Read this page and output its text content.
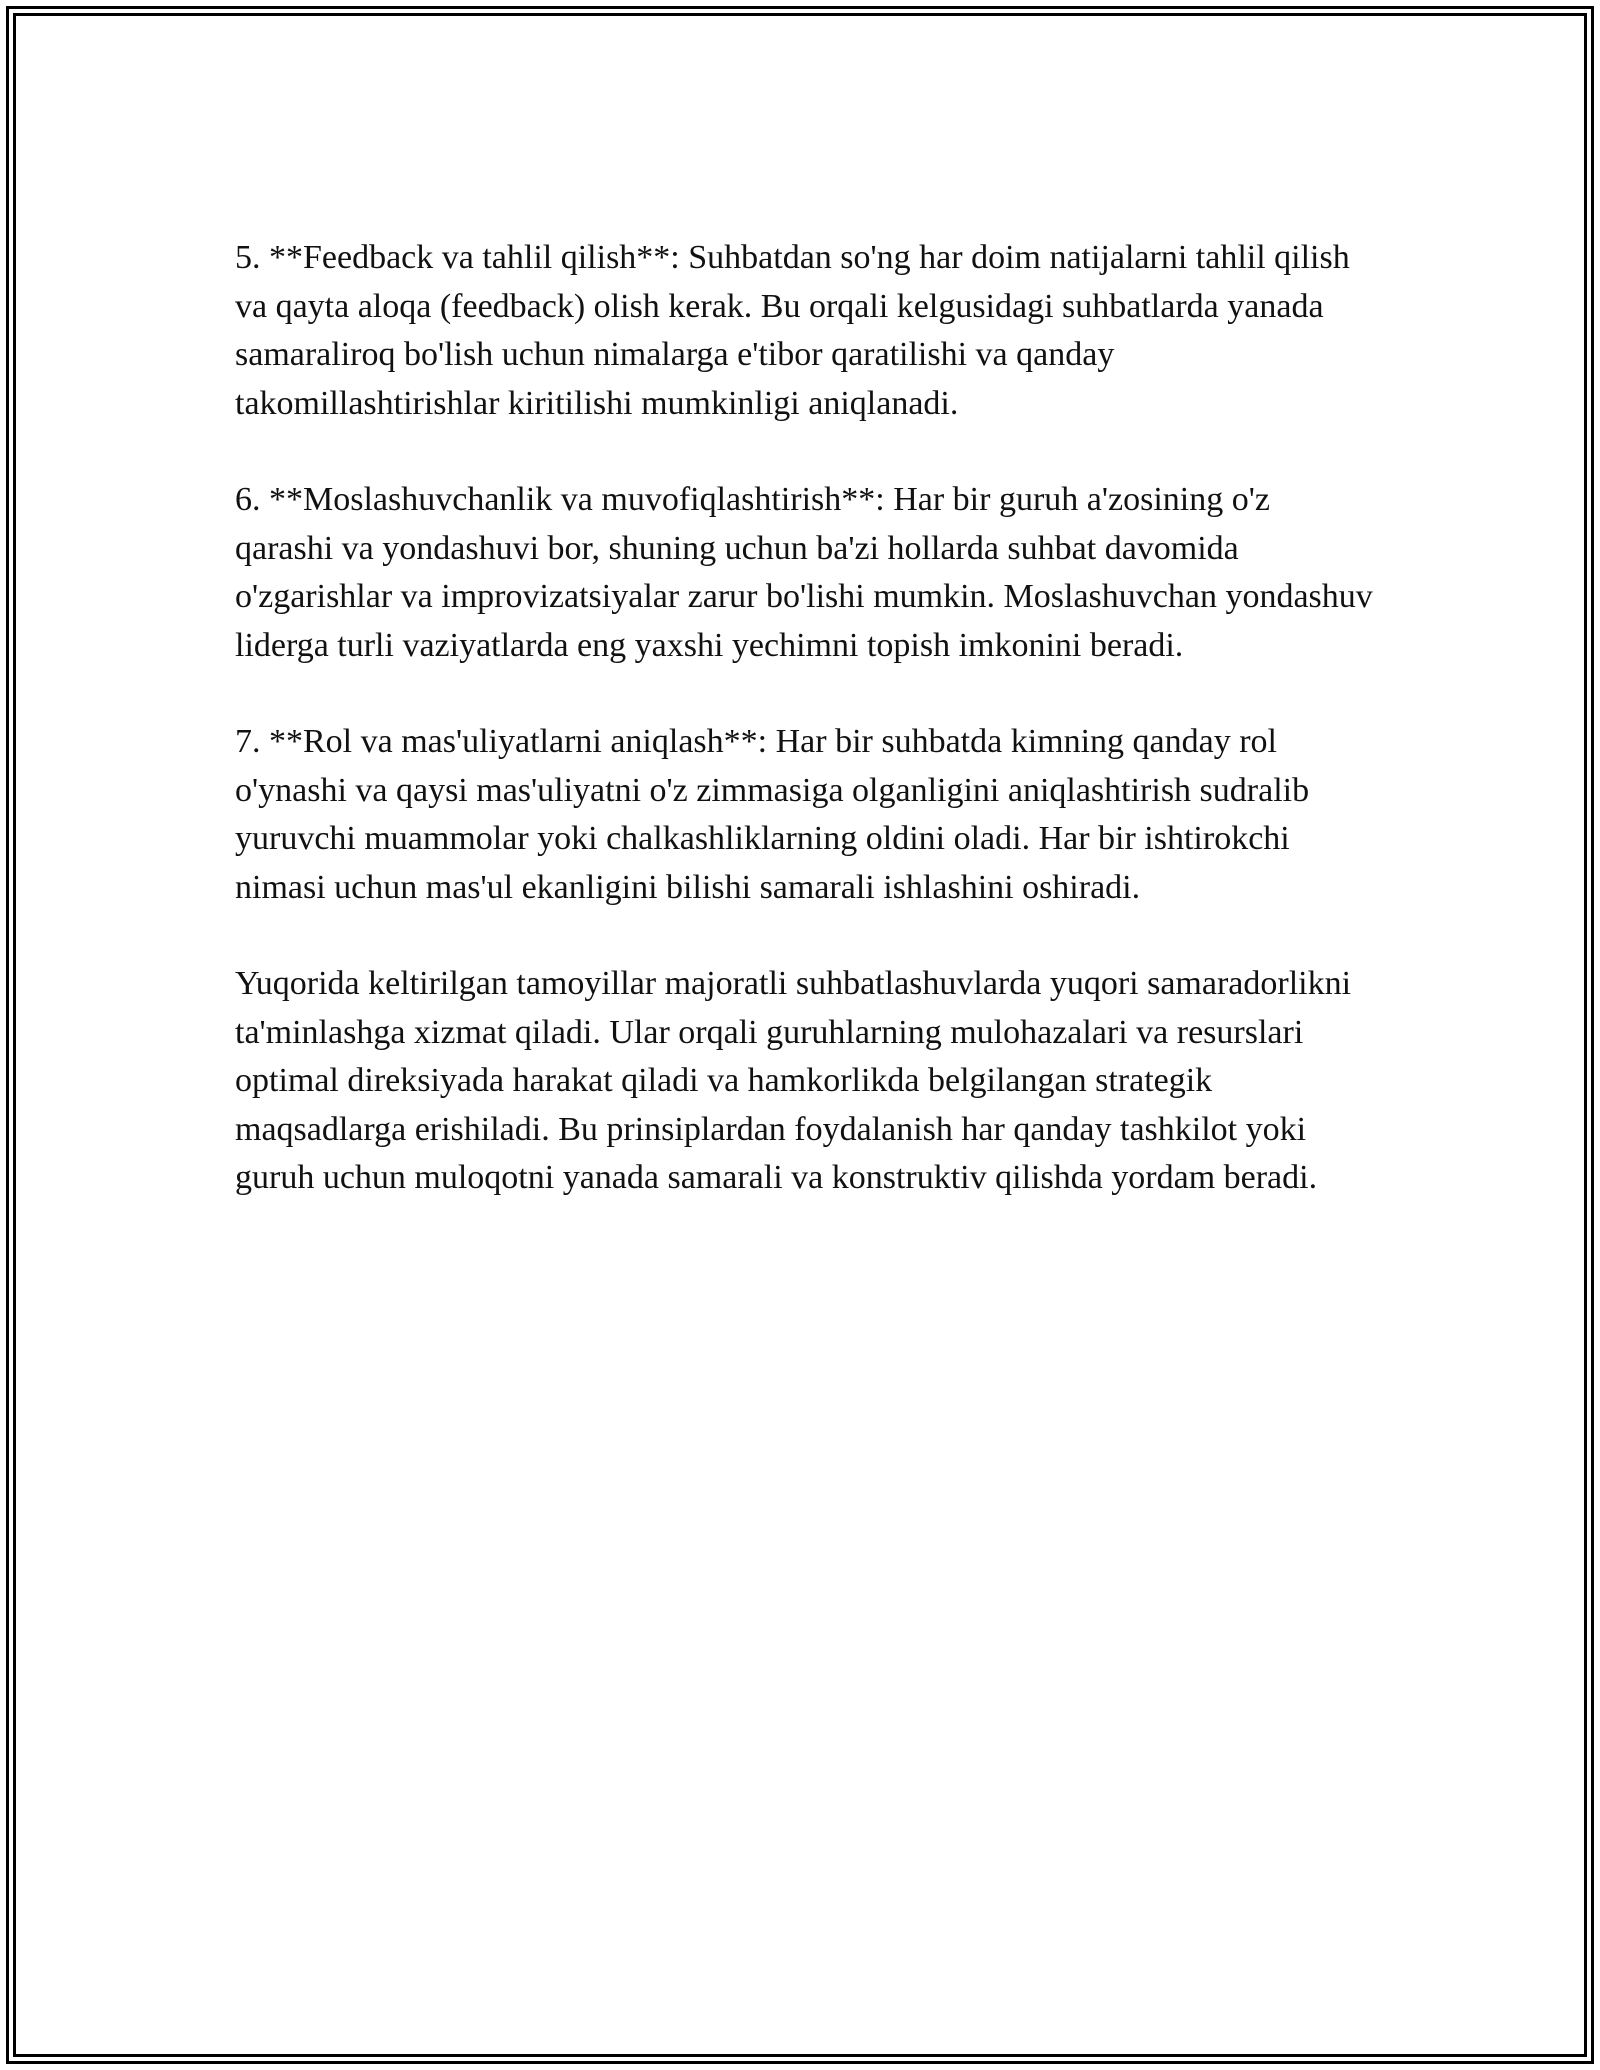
5. **Feedback va tahlil qilish**: Suhbatdan so'ng har doim natijalarni tahlil qilish va qayta aloqa (feedback) olish kerak. Bu orqali kelgusidagi suhbatlarda yanada samaraliroq bo'lish uchun nimalarga e'tibor qaratilishi va qanday takomillashtirishlar kiritilishi mumkinligi aniqlanadi.

6. **Moslashuvchanlik va muvofiqlashtirish**: Har bir guruh a'zosining o'z qarashi va yondashuvi bor, shuning uchun ba'zi hollarda suhbat davomida o'zgarishlar va improvizatsiyalar zarur bo'lishi mumkin. Moslashuvchan yondashuv liderga turli vaziyatlarda eng yaxshi yechimni topish imkonini beradi.

7. **Rol va mas'uliyatlarni aniqlash**: Har bir suhbatda kimning qanday rol o'ynashi va qaysi mas'uliyatni o'z zimmasiga olganligini aniqlashtirish sudralib yuruvchi muammolar yoki chalkashliklarning oldini oladi. Har bir ishtirokchi nimasi uchun mas'ul ekanligini bilishi samarali ishlashini oshiradi.

Yuqorida keltirilgan tamoyillar majoratli suhbatlashuvlarda yuqori samaradorlikni ta'minlashga xizmat qiladi. Ular orqali guruhlarning mulohazalari va resurslari optimal direksiyada harakat qiladi va hamkorlikda belgilangan strategik maqsadlarga erishiladi. Bu prinsiplardan foydalanish har qanday tashkilot yoki guruh uchun muloqotni yanada samarali va konstruktiv qilishda yordam beradi.
